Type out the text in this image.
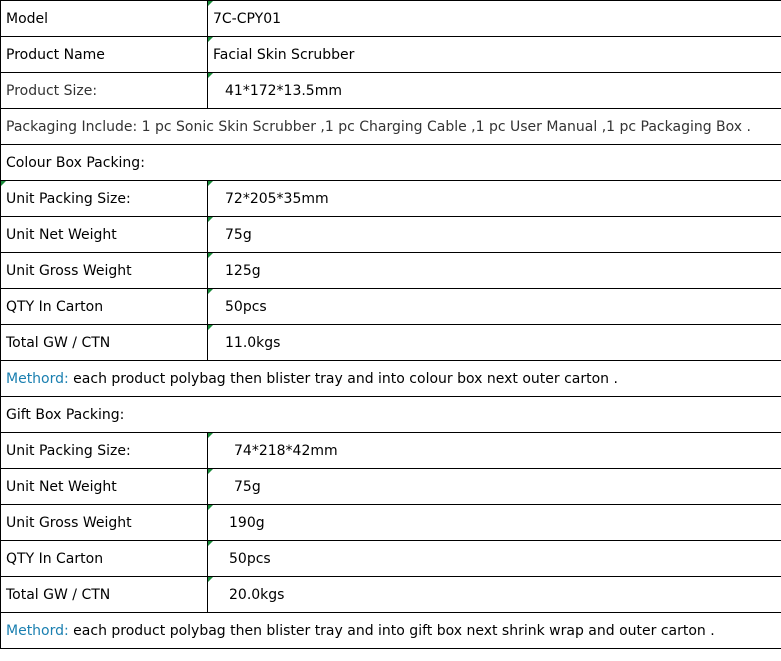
Model	7C-CPY01
Product Name	Facial Skin Scrubber
Product Size:	41*172*13.5mm
Packaging Include: 1 pc Sonic Skin Scrubber ,1 pc Charging Cable ,1 pc User Manual ,1 pc Packaging Box .	
Colour Box Packing:	
Unit Packing Size:	72*205*35mm
Unit Net Weight	75g
Unit Gross Weight	125g
QTY In Carton	50pcs
Total GW / CTN	11.0kgs
Methord: each product polybag then blister tray and into colour box next outer carton .	
Gift Box Packing:	
Unit Packing Size:	74*218*42mm
Unit Net Weight	75g
Unit Gross Weight	190g
QTY In Carton	50pcs
Total GW / CTN	20.0kgs
Methord: each product polybag then blister tray and into gift box next shrink wrap and outer carton .	
